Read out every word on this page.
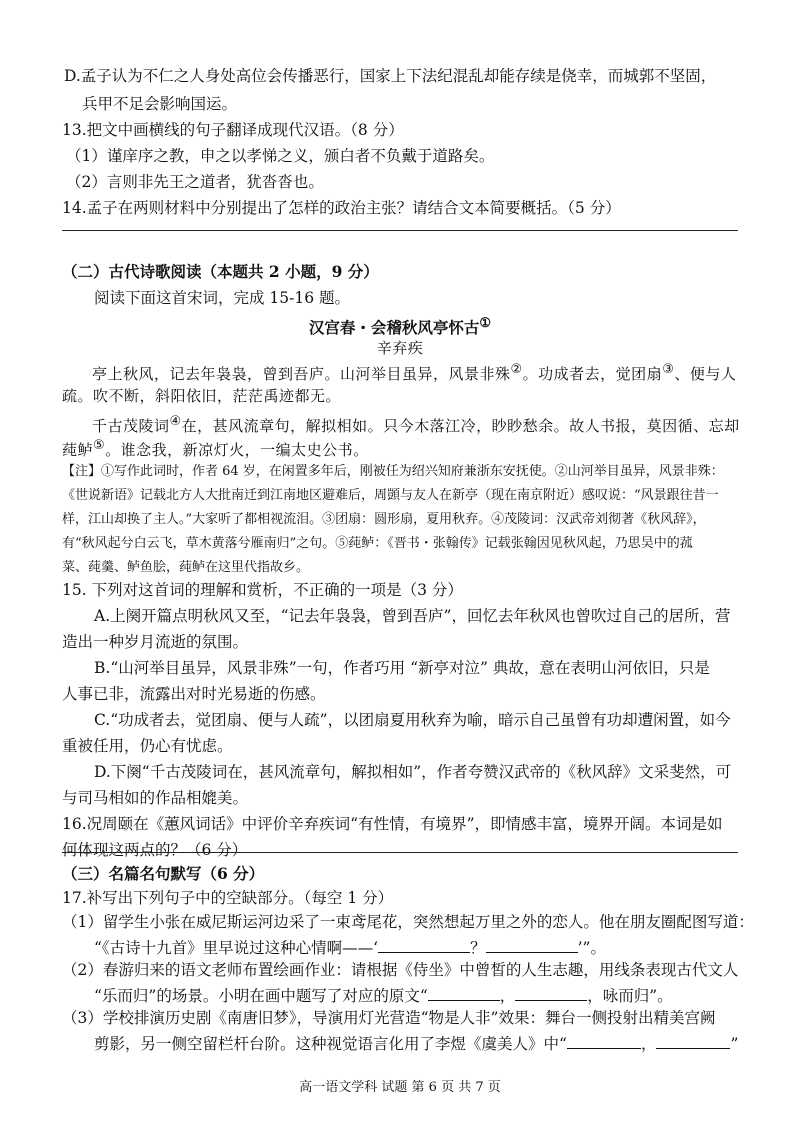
D.孟子认为不仁之人身处高位会传播恶行，国家上下法纪混乱却能存续是侥幸，而城郭不坚固，
兵甲不足会影响国运。
13.把文中画横线的句子翻译成现代汉语。（8 分）
（1）谨庠序之教，申之以孝悌之义，颁白者不负戴于道路矣。
（2）言则非先王之道者，犹沓沓也。
14.孟子在两则材料中分别提出了怎样的政治主张？请结合文本简要概括。（5 分）
（二）古代诗歌阅读（本题共 2 小题，9 分）
阅读下面这首宋词，完成 15-16 题。
汉宫春・会稽秋风亭怀古①
辛弃疾
亭上秋风，记去年袅袅，曾到吾庐。山河举目虽异，风景非殊②。功成者去，觉团扇③、便与人
疏。吹不断，斜阳依旧，茫茫禹迹都无。
千古茂陵词④在，甚风流章句，解拟相如。只今木落江冷，眇眇愁余。故人书报，莫因循、忘却
莼鲈⑤。谁念我，新凉灯火，一编太史公书。
【注】①写作此词时，作者 64 岁，在闲置多年后，刚被任为绍兴知府兼浙东安抚使。②山河举目虽异，风景非殊：
《世说新语》记载北方人大批南迁到江南地区避难后，周顗与友人在新亭（现在南京附近）感叹说：“风景跟往昔一
样，江山却换了主人。”大家听了都相视流泪。③团扇：圆形扇，夏用秋弃。④茂陵词：汉武帝刘彻著《秋风辞》，
有“秋风起兮白云飞，草木黄落兮雁南归”之句。⑤莼鲈：《晋书・张翰传》记载张翰因见秋风起，乃思吴中的菰
菜、莼羹、鲈鱼脍，莼鲈在这里代指故乡。
15. 下列对这首词的理解和赏析，不正确的一项是（3 分）
A.上阕开篇点明秋风又至，“记去年袅袅，曾到吾庐”，回忆去年秋风也曾吹过自己的居所，营
造出一种岁月流逝的氛围。
B.“山河举目虽异，风景非殊”一句，作者巧用 “新亭对泣” 典故，意在表明山河依旧，只是
人事已非，流露出对时光易逝的伤感。
C.“功成者去，觉团扇、便与人疏”，以团扇夏用秋弃为喻，暗示自己虽曾有功却遭闲置，如今
重被任用，仍心有忧虑。
D.下阕“千古茂陵词在，甚风流章句，解拟相如”，作者夸赞汉武帝的《秋风辞》文采斐然，可
与司马相如的作品相媲美。
16.况周颐在《蕙风词话》中评价辛弃疾词“有性情，有境界”，即情感丰富，境界开阔。本词是如
何体现这两点的？（6 分）
（三）名篇名句默写（6 分）
17.补写出下列句子中的空缺部分。（每空 1 分）
（1）留学生小张在威尼斯运河边采了一束鸢尾花，突然想起万里之外的恋人。他在朋友圈配图写道：
“《古诗十九首》里早说过这种心情啊——‘	？	’”。
（2）春游归来的语文老师布置绘画作业：请根据《侍坐》中曾皙的人生志趣，用线条表现古代文人
“乐而归”的场景。小明在画中题写了对应的原文“	，	，咏而归”。
（3）学校排演历史剧《南唐旧梦》，导演用灯光营造“物是人非”效果：舞台一侧投射出精美宫阙
剪影，另一侧空留栏杆台阶。这种视觉语言化用了李煜《虞美人》中“	，	”
高一语文学科 试题 第 6 页 共 7 页
